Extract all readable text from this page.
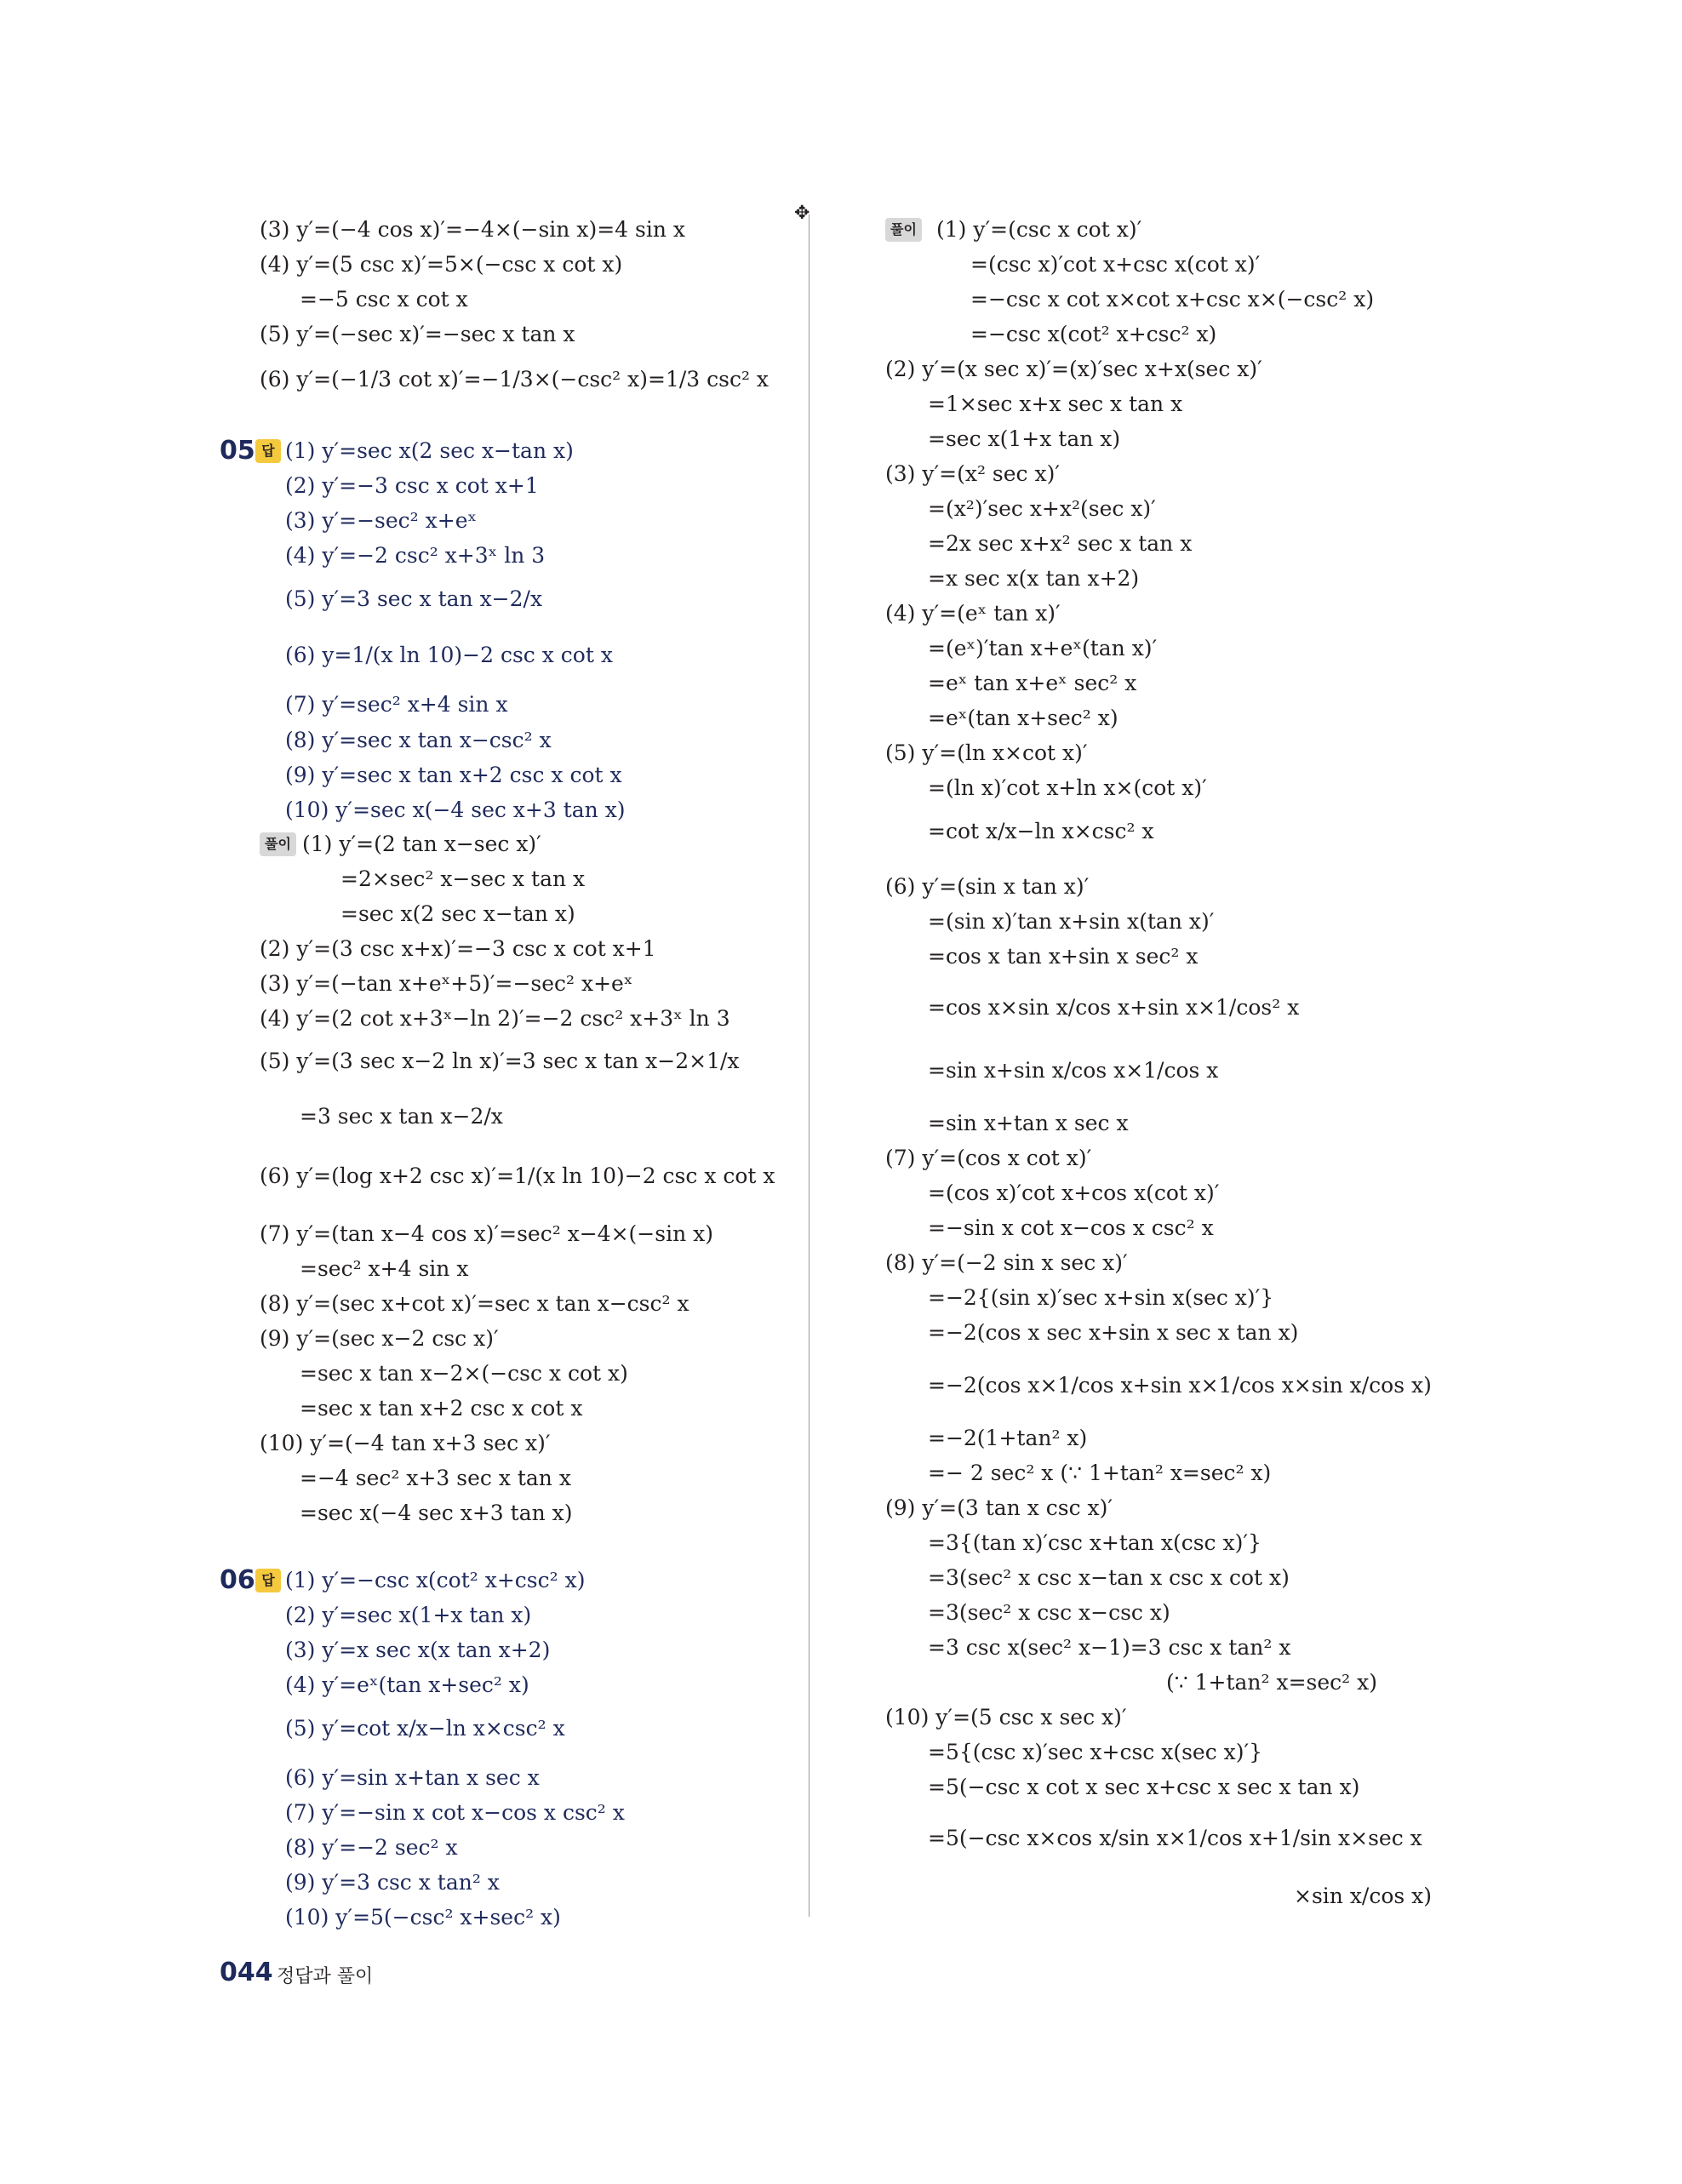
(3) y′=(−4 cos x)′=−4×(−sin x)=4 sin x
(4) y′=(5 csc x)′=5×(−csc x cot x)
=−5 csc x cot x
(5) y′=(−sec x)′=−sec x tan x
(6) y′=(−1/3 cot x)′=−1/3×(−csc² x)=1/3 csc² x
(1) y′=sec x(2 sec x−tan x)
(2) y′=−3 csc x cot x+1
(3) y′=−sec² x+eˣ
(4) y′=−2 csc² x+3ˣ ln 3
(5) y′=3 sec x tan x−2/x
(6) y=1/(x ln 10)−2 csc x cot x
(7) y′=sec² x+4 sin x
(8) y′=sec x tan x−csc² x
(9) y′=sec x tan x+2 csc x cot x
(10) y′=sec x(−4 sec x+3 tan x)
(1) y′=(2 tan x−sec x)′
=2×sec² x−sec x tan x
=sec x(2 sec x−tan x)
(2) y′=(3 csc x+x)′=−3 csc x cot x+1
(3) y′=(−tan x+eˣ+5)′=−sec² x+eˣ
(4) y′=(2 cot x+3ˣ−ln 2)′=−2 csc² x+3ˣ ln 3
(5) y′=(3 sec x−2 ln x)′=3 sec x tan x−2×1/x
=3 sec x tan x−2/x
(6) y′=(log x+2 csc x)′=1/(x ln 10)−2 csc x cot x
(7) y′=(tan x−4 cos x)′=sec² x−4×(−sin x)
=sec² x+4 sin x
(8) y′=(sec x+cot x)′=sec x tan x−csc² x
(9) y′=(sec x−2 csc x)′
=sec x tan x−2×(−csc x cot x)
=sec x tan x+2 csc x cot x
(10) y′=(−4 tan x+3 sec x)′
=−4 sec² x+3 sec x tan x
=sec x(−4 sec x+3 tan x)
(1) y′=−csc x(cot² x+csc² x)
(2) y′=sec x(1+x tan x)
(3) y′=x sec x(x tan x+2)
(4) y′=eˣ(tan x+sec² x)
(5) y′=cot x/x−ln x×csc² x
(6) y′=sin x+tan x sec x
(7) y′=−sin x cot x−cos x csc² x
(8) y′=−2 sec² x
(9) y′=3 csc x tan² x
(10) y′=5(−csc² x+sec² x)
(1) y′=(csc x cot x)′
=(csc x)′cot x+csc x(cot x)′
=−csc x cot x×cot x+csc x×(−csc² x)
=−csc x(cot² x+csc² x)
(2) y′=(x sec x)′=(x)′sec x+x(sec x)′
=1×sec x+x sec x tan x
=sec x(1+x tan x)
(3) y′=(x² sec x)′
=(x²)′sec x+x²(sec x)′
=2x sec x+x² sec x tan x
=x sec x(x tan x+2)
(4) y′=(eˣ tan x)′
=(eˣ)′tan x+eˣ(tan x)′
=eˣ tan x+eˣ sec² x
=eˣ(tan x+sec² x)
(5) y′=(ln x×cot x)′
=(ln x)′cot x+ln x×(cot x)′
=cot x/x−ln x×csc² x
(6) y′=(sin x tan x)′
=(sin x)′tan x+sin x(tan x)′
=cos x tan x+sin x sec² x
=cos x×sin x/cos x+sin x×1/cos² x
=sin x+sin x/cos x×1/cos x
=sin x+tan x sec x
(7) y′=(cos x cot x)′
=(cos x)′cot x+cos x(cot x)′
=−sin x cot x−cos x csc² x
(8) y′=(−2 sin x sec x)′
=−2{(sin x)′sec x+sin x(sec x)′}
=−2(cos x sec x+sin x sec x tan x)
=−2(cos x×1/cos x+sin x×1/cos x×sin x/cos x)
=−2(1+tan² x)
=− 2 sec² x (∵ 1+tan² x=sec² x)
(9) y′=(3 tan x csc x)′
=3{(tan x)′csc x+tan x(csc x)′}
=3(sec² x csc x−tan x csc x cot x)
=3(sec² x csc x−csc x)
=3 csc x(sec² x−1)=3 csc x tan² x
(∵ 1+tan² x=sec² x)
(10) y′=(5 csc x sec x)′
=5{(csc x)′sec x+csc x(sec x)′}
=5(−csc x cot x sec x+csc x sec x tan x)
=5(−csc x×cos x/sin x×1/cos x+1/sin x×sec x
×sin x/cos x)
✥
05 답
풀이
06 답
풀이
044 정답과 풀이
